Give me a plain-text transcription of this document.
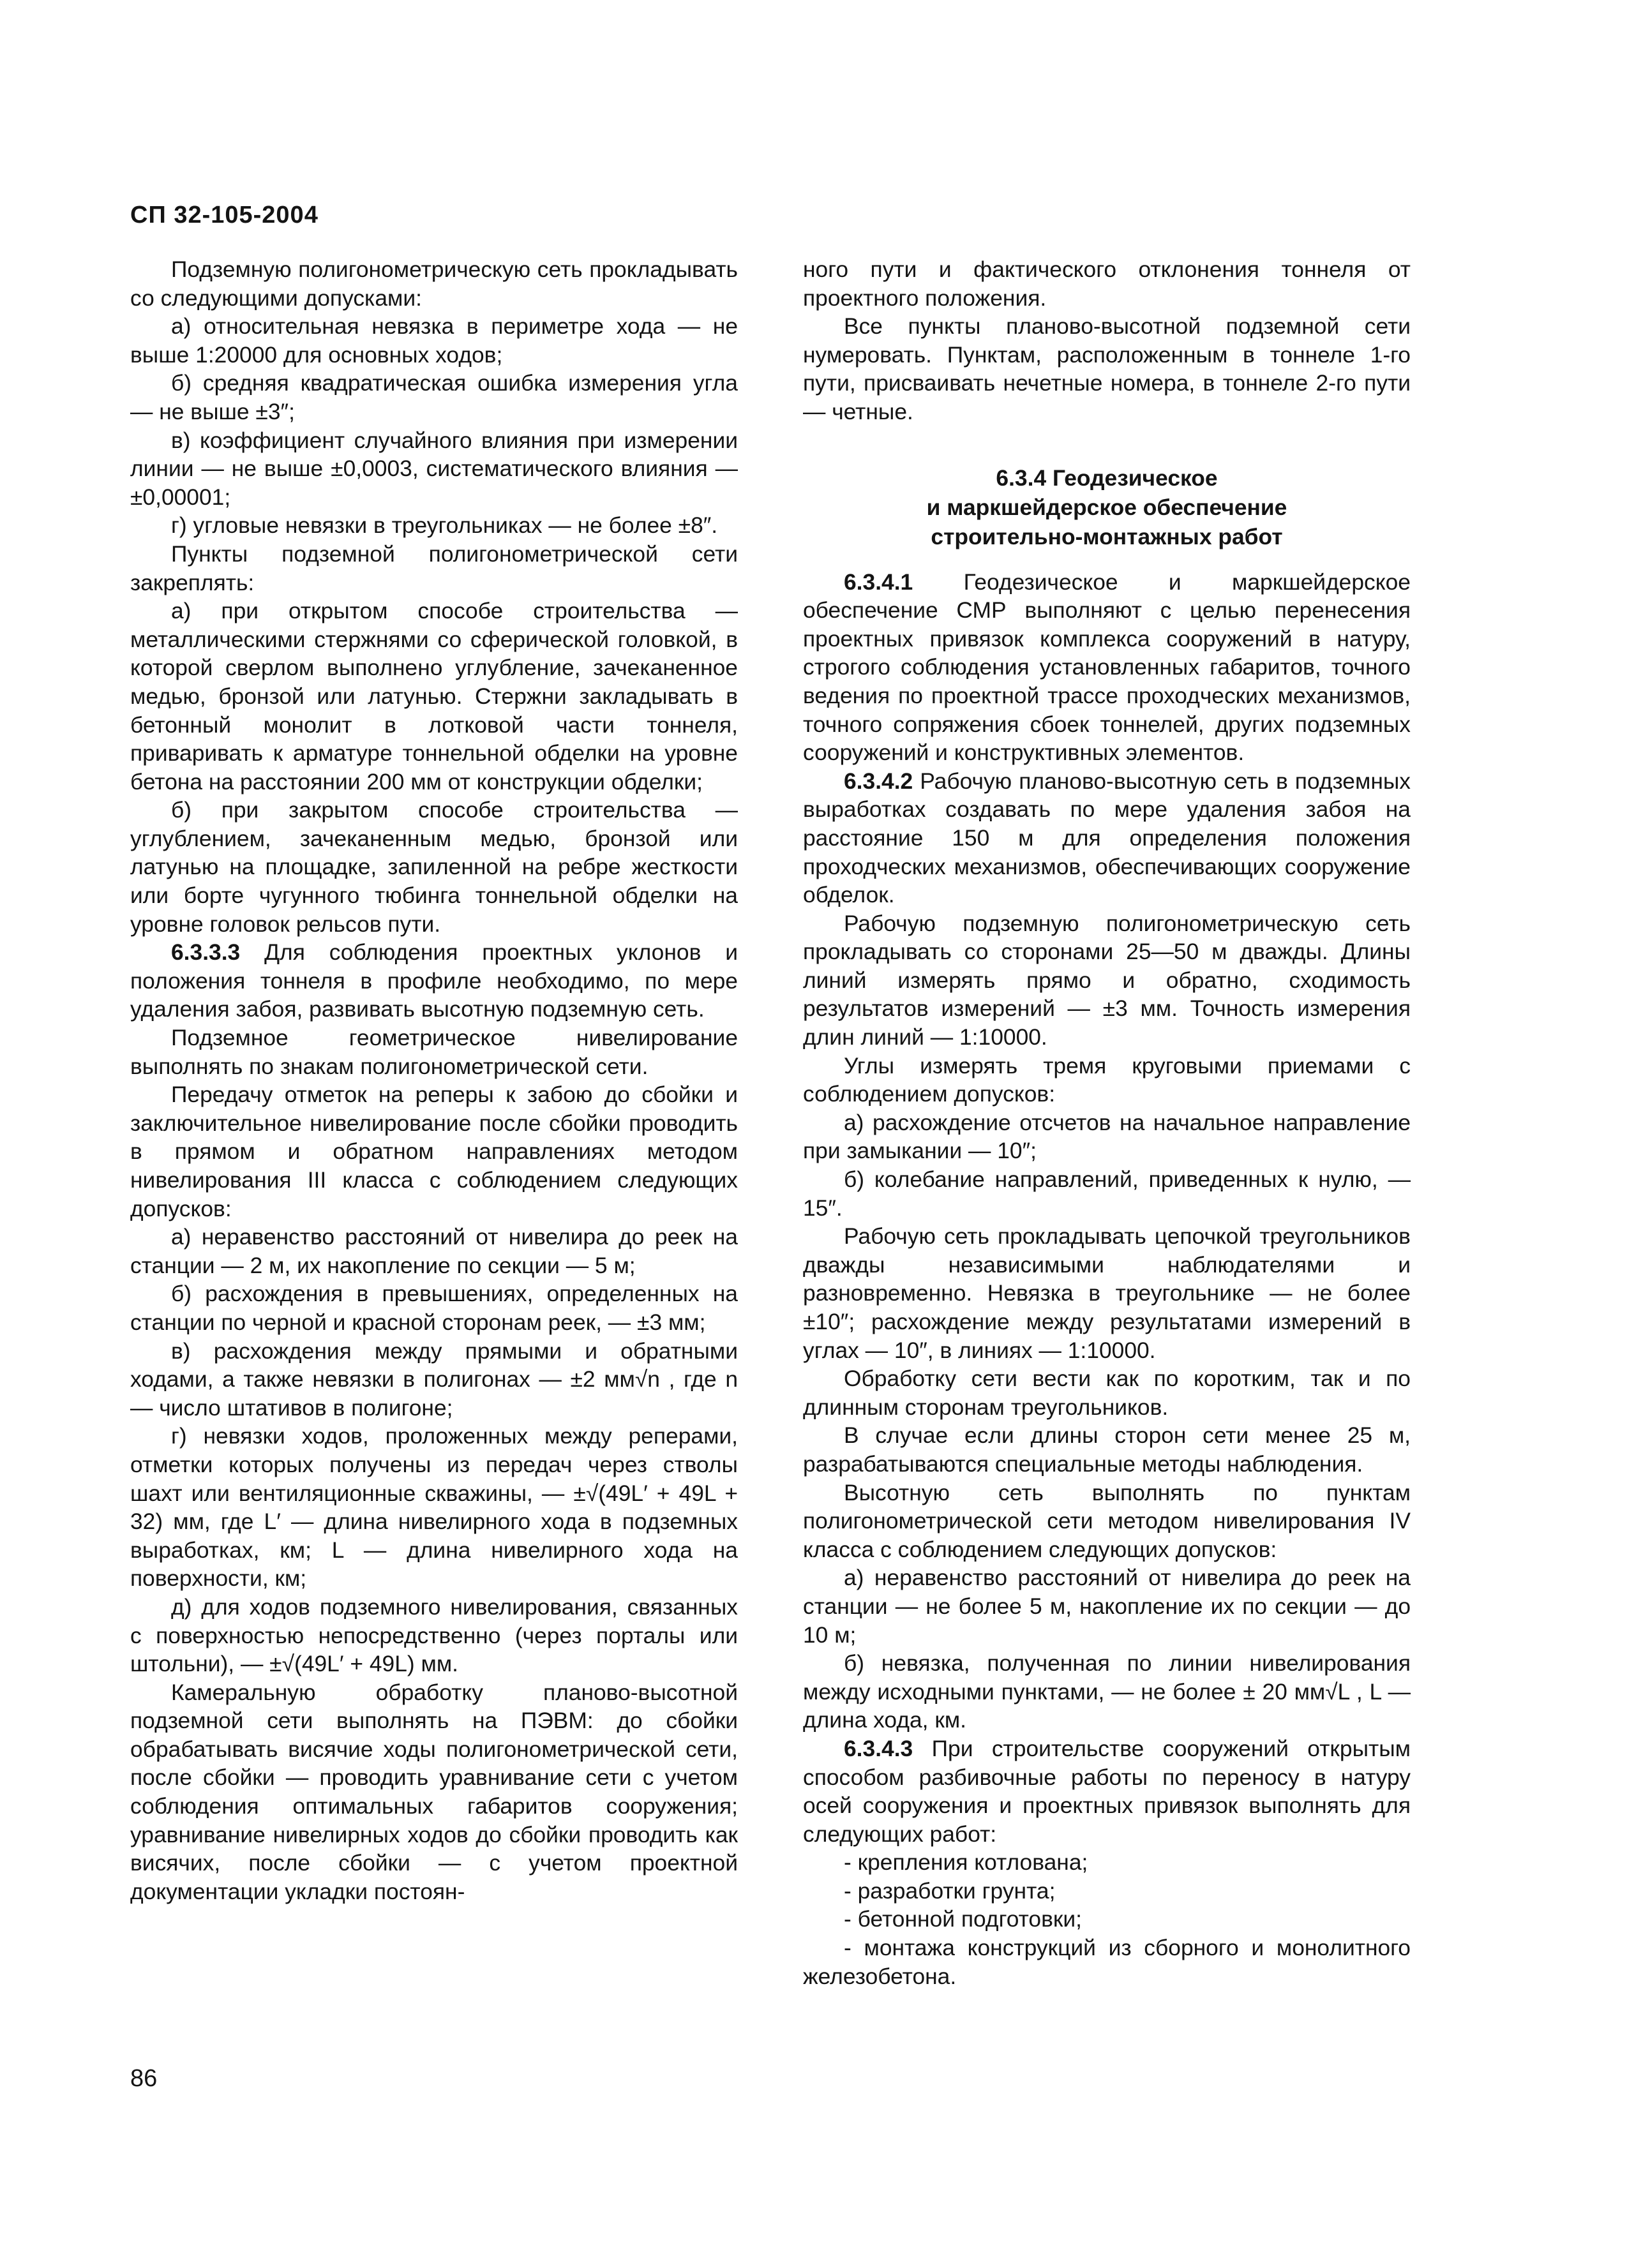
СП 32-105-2004

Подземную полигонометрическую сеть прокладывать со следующими допусками:

а) относительная невязка в периметре хода — не выше 1:20000 для основных ходов;

б) средняя квадратическая ошибка измерения угла — не выше ±3″;

в) коэффициент случайного влияния при измерении линии — не выше ±0,0003, систематического влияния — ±0,00001;

г) угловые невязки в треугольниках — не более ±8″.

Пункты подземной полигонометрической сети закреплять:

а) при открытом способе строительства — металлическими стержнями со сферической головкой, в которой сверлом выполнено углубление, зачеканенное медью, бронзой или латунью. Стержни закладывать в бетонный монолит в лотковой части тоннеля, приваривать к арматуре тоннельной обделки на уровне бетона на расстоянии 200 мм от конструкции обделки;

б) при закрытом способе строительства — углублением, зачеканенным медью, бронзой или латунью на площадке, запиленной на ребре жесткости или борте чугунного тюбинга тоннельной обделки на уровне головок рельсов пути.

6.3.3.3 Для соблюдения проектных уклонов и положения тоннеля в профиле необходимо, по мере удаления забоя, развивать высотную подземную сеть.

Подземное геометрическое нивелирование выполнять по знакам полигонометрической сети.

Передачу отметок на реперы к забою до сбойки и заключительное нивелирование после сбойки проводить в прямом и обратном направлениях методом нивелирования III класса с соблюдением следующих допусков:

а) неравенство расстояний от нивелира до реек на станции — 2 м, их накопление по секции — 5 м;

б) расхождения в превышениях, определенных на станции по черной и красной сторонам реек, — ±3 мм;

в) расхождения между прямыми и обратными ходами, а также невязки в полигонах — ±2 мм√n , где n — число штативов в полигоне;

г) невязки ходов, проложенных между реперами, отметки которых получены из передач через стволы шахт или вентиляционные скважины, — ±√(49L′ + 49L + 32) мм, где L′ — длина нивелирного хода в подземных выработках, км; L — длина нивелирного хода на поверхности, км;

д) для ходов подземного нивелирования, связанных с поверхностью непосредственно (через порталы или штольни), — ±√(49L′ + 49L) мм.

Камеральную обработку планово-высотной подземной сети выполнять на ПЭВМ: до сбойки обрабатывать висячие ходы полигонометрической сети, после сбойки — проводить уравнивание сети с учетом соблюдения оптимальных габаритов сооружения; уравнивание нивелирных ходов до сбойки проводить как висячих, после сбойки — с учетом проектной документации укладки постоян-

ного пути и фактического отклонения тоннеля от проектного положения.

Все пункты планово-высотной подземной сети нумеровать. Пунктам, расположенным в тоннеле 1-го пути, присваивать нечетные номера, в тоннеле 2-го пути — четные.

6.3.4 Геодезическое
и маркшейдерское обеспечение
строительно-монтажных работ

6.3.4.1 Геодезическое и маркшейдерское обеспечение СМР выполняют с целью перенесения проектных привязок комплекса сооружений в натуру, строгого соблюдения установленных габаритов, точного ведения по проектной трассе проходческих механизмов, точного сопряжения сбоек тоннелей, других подземных сооружений и конструктивных элементов.

6.3.4.2 Рабочую планово-высотную сеть в подземных выработках создавать по мере удаления забоя на расстояние 150 м для определения положения проходческих механизмов, обеспечивающих сооружение обделок.

Рабочую подземную полигонометрическую сеть прокладывать со сторонами 25—50 м дважды. Длины линий измерять прямо и обратно, сходимость результатов измерений — ±3 мм. Точность измерения длин линий — 1:10000.

Углы измерять тремя круговыми приемами с соблюдением допусков:

а) расхождение отсчетов на начальное направление при замыкании — 10″;

б) колебание направлений, приведенных к нулю, — 15″.

Рабочую сеть прокладывать цепочкой треугольников дважды независимыми наблюдателями и разновременно. Невязка в треугольнике — не более ±10″; расхождение между результатами измерений в углах — 10″, в линиях — 1:10000.

Обработку сети вести как по коротким, так и по длинным сторонам треугольников.

В случае если длины сторон сети менее 25 м, разрабатываются специальные методы наблюдения.

Высотную сеть выполнять по пунктам полигонометрической сети методом нивелирования IV класса с соблюдением следующих допусков:

а) неравенство расстояний от нивелира до реек на станции — не более 5 м, накопление их по секции — до 10 м;

б) невязка, полученная по линии нивелирования между исходными пунктами, — не более ± 20 мм√L , L — длина хода, км.

6.3.4.3 При строительстве сооружений открытым способом разбивочные работы по переносу в натуру осей сооружения и проектных привязок выполнять для следующих работ:

- крепления котлована;

- разработки грунта;

- бетонной подготовки;

- монтажа конструкций из сборного и монолитного железобетона.

86
